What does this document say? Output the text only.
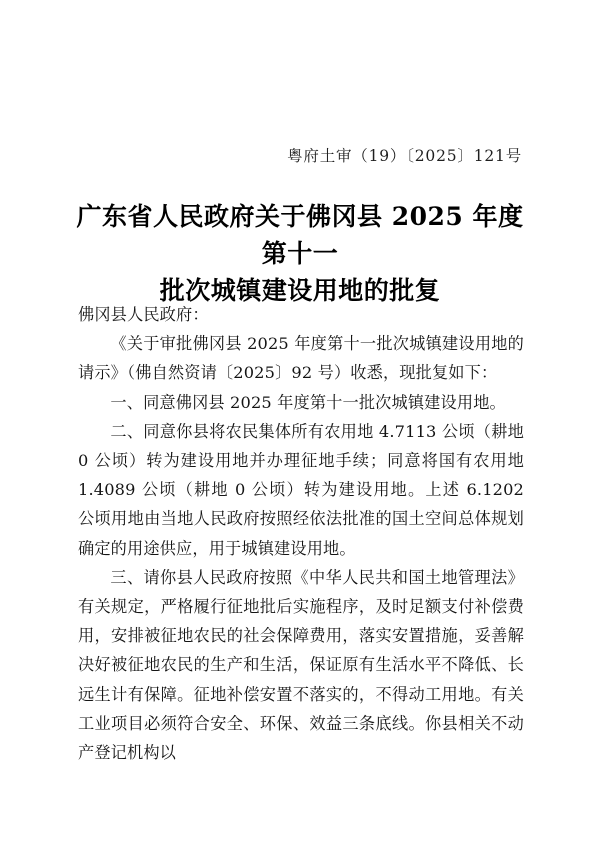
粤府土审（19）〔2025〕121号
广东省人民政府关于佛冈县 2025 年度第十一
批次城镇建设用地的批复

佛冈县人民政府：

《关于审批佛冈县 2025 年度第十一批次城镇建设用地的请示》（佛自然资请〔2025〕92 号）收悉，现批复如下：

一、同意佛冈县 2025 年度第十一批次城镇建设用地。

二、同意你县将农民集体所有农用地 4.7113 公顷（耕地 0 公顷）转为建设用地并办理征地手续；同意将国有农用地 1.4089 公顷（耕地 0 公顷）转为建设用地。上述 6.1202 公顷用地由当地人民政府按照经依法批准的国土空间总体规划确定的用途供应，用于城镇建设用地。

三、请你县人民政府按照《中华人民共和国土地管理法》有关规定，严格履行征地批后实施程序，及时足额支付补偿费用，安排被征地农民的社会保障费用，落实安置措施，妥善解决好被征地农民的生产和生活，保证原有生活水平不降低、长远生计有保障。征地补偿安置不落实的，不得动工用地。有关工业项目必须符合安全、环保、效益三条底线。你县相关不动产登记机构以
